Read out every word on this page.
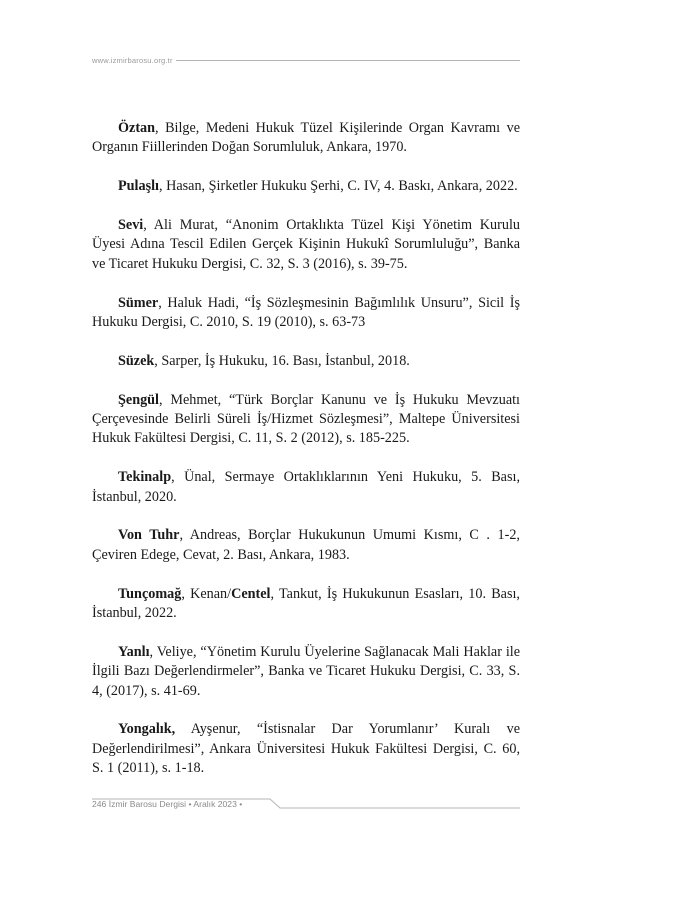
www.izmirbarosu.org.tr

Öztan, Bilge, Medeni Hukuk Tüzel Kişilerinde Organ Kavramı ve Organın Fiillerinden Doğan Sorumluluk, Ankara, 1970.

Pulaşlı, Hasan, Şirketler Hukuku Şerhi, C. IV, 4. Baskı, Ankara, 2022.

Sevi, Ali Murat, “Anonim Ortaklıkta Tüzel Kişi Yönetim Kurulu Üyesi Adına Tescil Edilen Gerçek Kişinin Hukukî Sorumluluğu”, Banka ve Ticaret Hukuku Dergisi, C. 32, S. 3 (2016), s. 39-75.

Sümer, Haluk Hadi, “İş Sözleşmesinin Bağımlılık Unsuru”, Sicil İş Hukuku Dergisi, C. 2010, S. 19 (2010), s. 63-73

Süzek, Sarper, İş Hukuku, 16. Bası, İstanbul, 2018.

Şengül, Mehmet, “Türk Borçlar Kanunu ve İş Hukuku Mevzuatı Çerçevesinde Belirli Süreli İş/Hizmet Sözleşmesi”, Maltepe Üniversitesi Hukuk Fakültesi Dergisi, C. 11, S. 2 (2012), s. 185-225.

Tekinalp, Ünal, Sermaye Ortaklıklarının Yeni Hukuku, 5. Bası, İstanbul, 2020.

Von Tuhr, Andreas, Borçlar Hukukunun Umumi Kısmı, C . 1-2, Çeviren Edege, Cevat, 2. Bası, Ankara, 1983.

Tunçomağ, Kenan/Centel, Tankut, İş Hukukunun Esasları, 10. Bası, İstanbul, 2022.

Yanlı, Veliye, “Yönetim Kurulu Üyelerine Sağlanacak Mali Haklar ile İlgili Bazı Değerlendirmeler”, Banka ve Ticaret Hukuku Dergisi, C. 33, S. 4, (2017), s. 41-69.

Yongalık, Ayşenur, “İstisnalar Dar Yorumlanır’ Kuralı ve Değerlendirilmesi”, Ankara Üniversitesi Hukuk Fakültesi Dergisi, C. 60, S. 1 (2011), s. 1-18.

246 İzmir Barosu Dergisi • Aralık 2023 •
